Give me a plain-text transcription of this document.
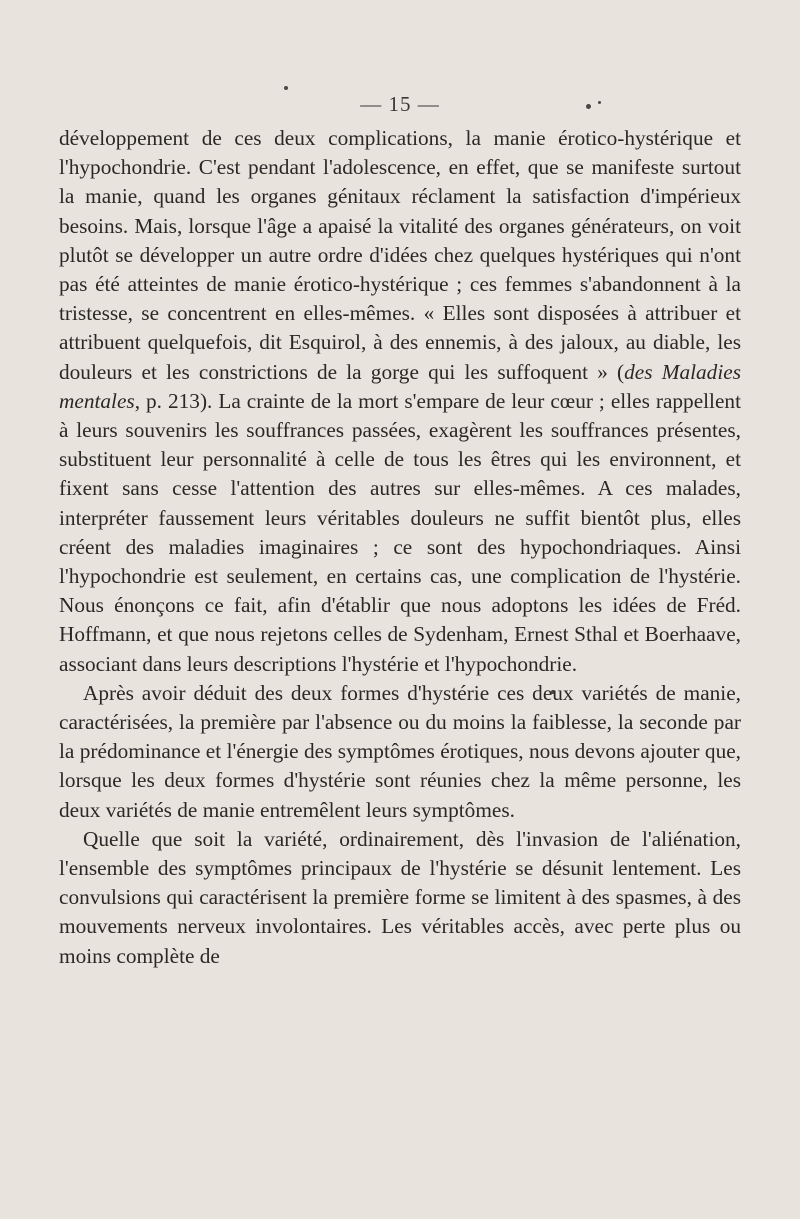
— 15 —

développement de ces deux complications, la manie érotico-hystérique et l'hypochondrie. C'est pendant l'adolescence, en effet, que se manifeste surtout la manie, quand les organes génitaux réclament la satisfaction d'impérieux besoins. Mais, lorsque l'âge a apaisé la vitalité des organes générateurs, on voit plutôt se développer un autre ordre d'idées chez quelques hystériques qui n'ont pas été atteintes de manie érotico-hystérique ; ces femmes s'abandonnent à la tristesse, se concentrent en elles-mêmes. « Elles sont disposées à attribuer et attribuent quelquefois, dit Esquirol, à des ennemis, à des jaloux, au diable, les douleurs et les constrictions de la gorge qui les suffoquent » (des Maladies mentales, p. 213). La crainte de la mort s'empare de leur cœur ; elles rappellent à leurs souvenirs les souffrances passées, exagèrent les souffrances présentes, substituent leur personnalité à celle de tous les êtres qui les environnent, et fixent sans cesse l'attention des autres sur elles-mêmes. A ces malades, interpréter faussement leurs véritables douleurs ne suffit bientôt plus, elles créent des maladies imaginaires ; ce sont des hypochondriaques. Ainsi l'hypochondrie est seulement, en certains cas, une complication de l'hystérie. Nous énonçons ce fait, afin d'établir que nous adoptons les idées de Fréd. Hoffmann, et que nous rejetons celles de Sydenham, Ernest Sthal et Boerhaave, associant dans leurs descriptions l'hystérie et l'hypochondrie.

Après avoir déduit des deux formes d'hystérie ces deux variétés de manie, caractérisées, la première par l'absence ou du moins la faiblesse, la seconde par la prédominance et l'énergie des symptômes érotiques, nous devons ajouter que, lorsque les deux formes d'hystérie sont réunies chez la même personne, les deux variétés de manie entremêlent leurs symptômes.

Quelle que soit la variété, ordinairement, dès l'invasion de l'aliénation, l'ensemble des symptômes principaux de l'hystérie se désunit lentement. Les convulsions qui caractérisent la première forme se limitent à des spasmes, à des mouvements nerveux involontaires. Les véritables accès, avec perte plus ou moins complète de
